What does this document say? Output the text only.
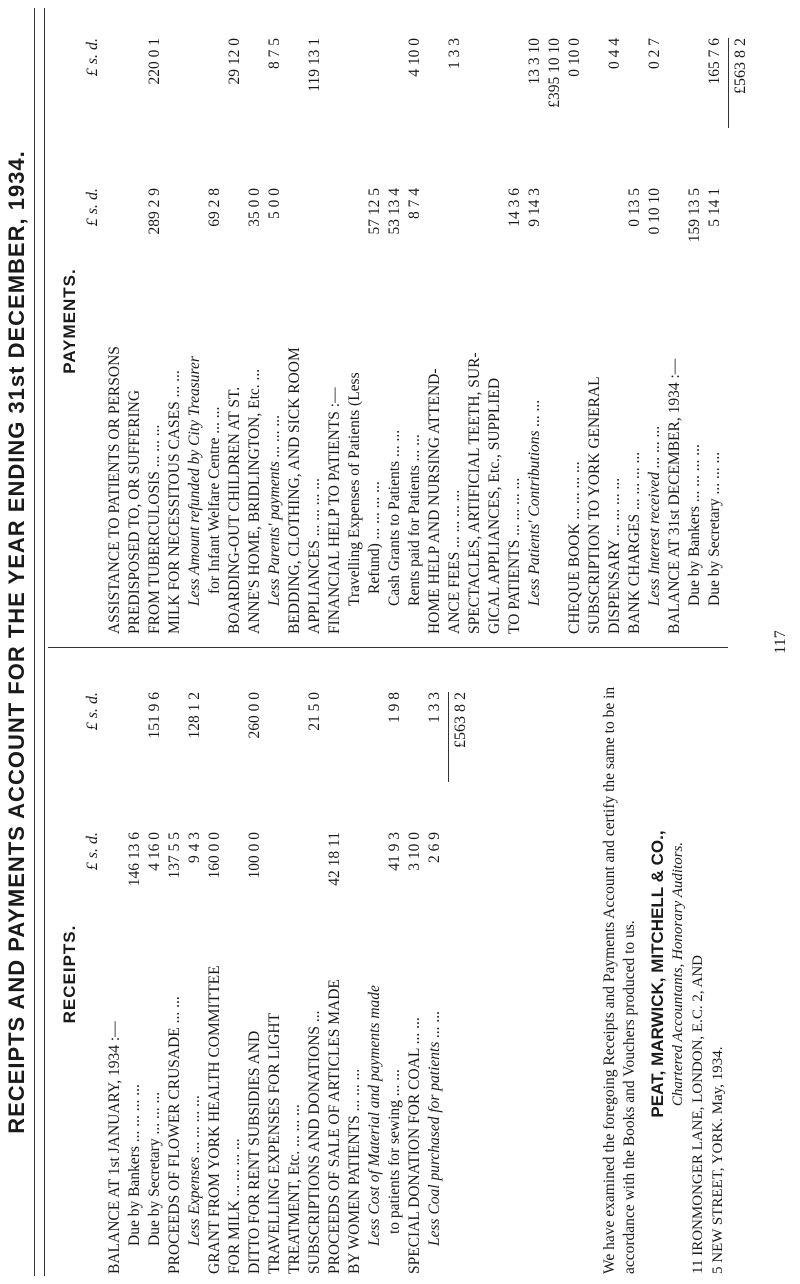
RECEIPTS AND PAYMENTS ACCOUNT FOR THE YEAR ENDING 31st DECEMBER, 1934. RECEIPTS.
£ s. d.
£ s. d.
BALANCE AT 1st JANUARY, 1934 :— Due by Bankers ... ... ... ...
146 13 6
Due by Secretary ... ... ...
4 16 0
151 9 6
PROCEEDS OF FLOWER CRUSADE ... ...
137 5 5
Less Expenses ... ... ... ...
9 4 3
128 1 2
GRANT FROM YORK HEALTH COMMITTEE
160 0 0
FOR MILK ... ... ... ... DITTO FOR RENT SUBSIDIES AND
100 0 0
260 0 0
TRAVELLING EXPENSES FOR LIGHT TREATMENT, Etc. ... ... ... SUBSCRIPTIONS AND DONATIONS ...
21 5 0
PROCEEDS OF SALE OF ARTICLES MADE
42 18 11
BY WOMEN PATIENTS ... ... ... Less Cost of Material and payments made to patients for sewing ... ...
41 9 3
1 9 8
SPECIAL DONATION FOR COAL ... ...
3 10 0
Less Coal purchased for patients ... ...
2 6 9
1 3 3 £563 8 2	We have examined the foregoing Receipts and Payments Account and certify the same to be in accordance with the Books and Vouchers produced to us. PEAT, MARWICK, MITCHELL & CO., Chartered Accountants, Honorary Auditors. 11 IRONMONGER LANE, LONDON, E.C. 2, AND 5 NEW STREET, YORK. May, 1934.
PAYMENTS.
£ s. d.
£ s. d.
ASSISTANCE TO PATIENTS OR PERSONS PREDISPOSED TO, OR SUFFERING FROM TUBERCULOSIS ... ... ...
289 2 9
220 0 1
MILK FOR NECESSITOUS CASES ... ... Less Amount refunded by City Treasurer for Infant Welfare Centre ... ...
69 2 8
BOARDING-OUT CHILDREN AT ST.
29 12 0
ANNE'S HOME, BRIDLINGTON, Etc. ...
35 0 0
Less Parents' payments ... ... ...
5 0 0
8 7 5
BEDDING, CLOTHING, AND SICK ROOM APPLIANCES ... ... ... ...
119 13 1
FINANCIAL HELP TO PATIENTS :— Travelling Expenses of Patients (Less Refund) ... ... ... ...
57 12 5
Cash Grants to Patients ... ...
53 13 4
Rents paid for Patients ... ...
8 7 4
4 10 0
HOME HELP AND NURSING ATTEND- ANCE FEES ... ... ... ...
1 3 3
SPECTACLES, ARTIFICIAL TEETH, SUR- GICAL APPLIANCES, Etc., SUPPLIED TO PATIENTS ... ... ... ...
14 3 6
Less Patients' Contributions ... ...
9 14 3
13 3 10 £395 10 10
CHEQUE BOOK ... ... ... ...
0 10 0
SUBSCRIPTION TO YORK GENERAL DISPENSARY ... ... ... ...
0 4 4
BANK CHARGES ... ... ... ...
0 13 5
Less Interest received ... ... ...
0 10 10
0 2 7
BALANCE AT 31st DECEMBER, 1934 :— Due by Bankers ... ... ... ...
159 13 5
Due by Secretary ... ... ...
5 14 1
165 7 6 £563 8 2
117
